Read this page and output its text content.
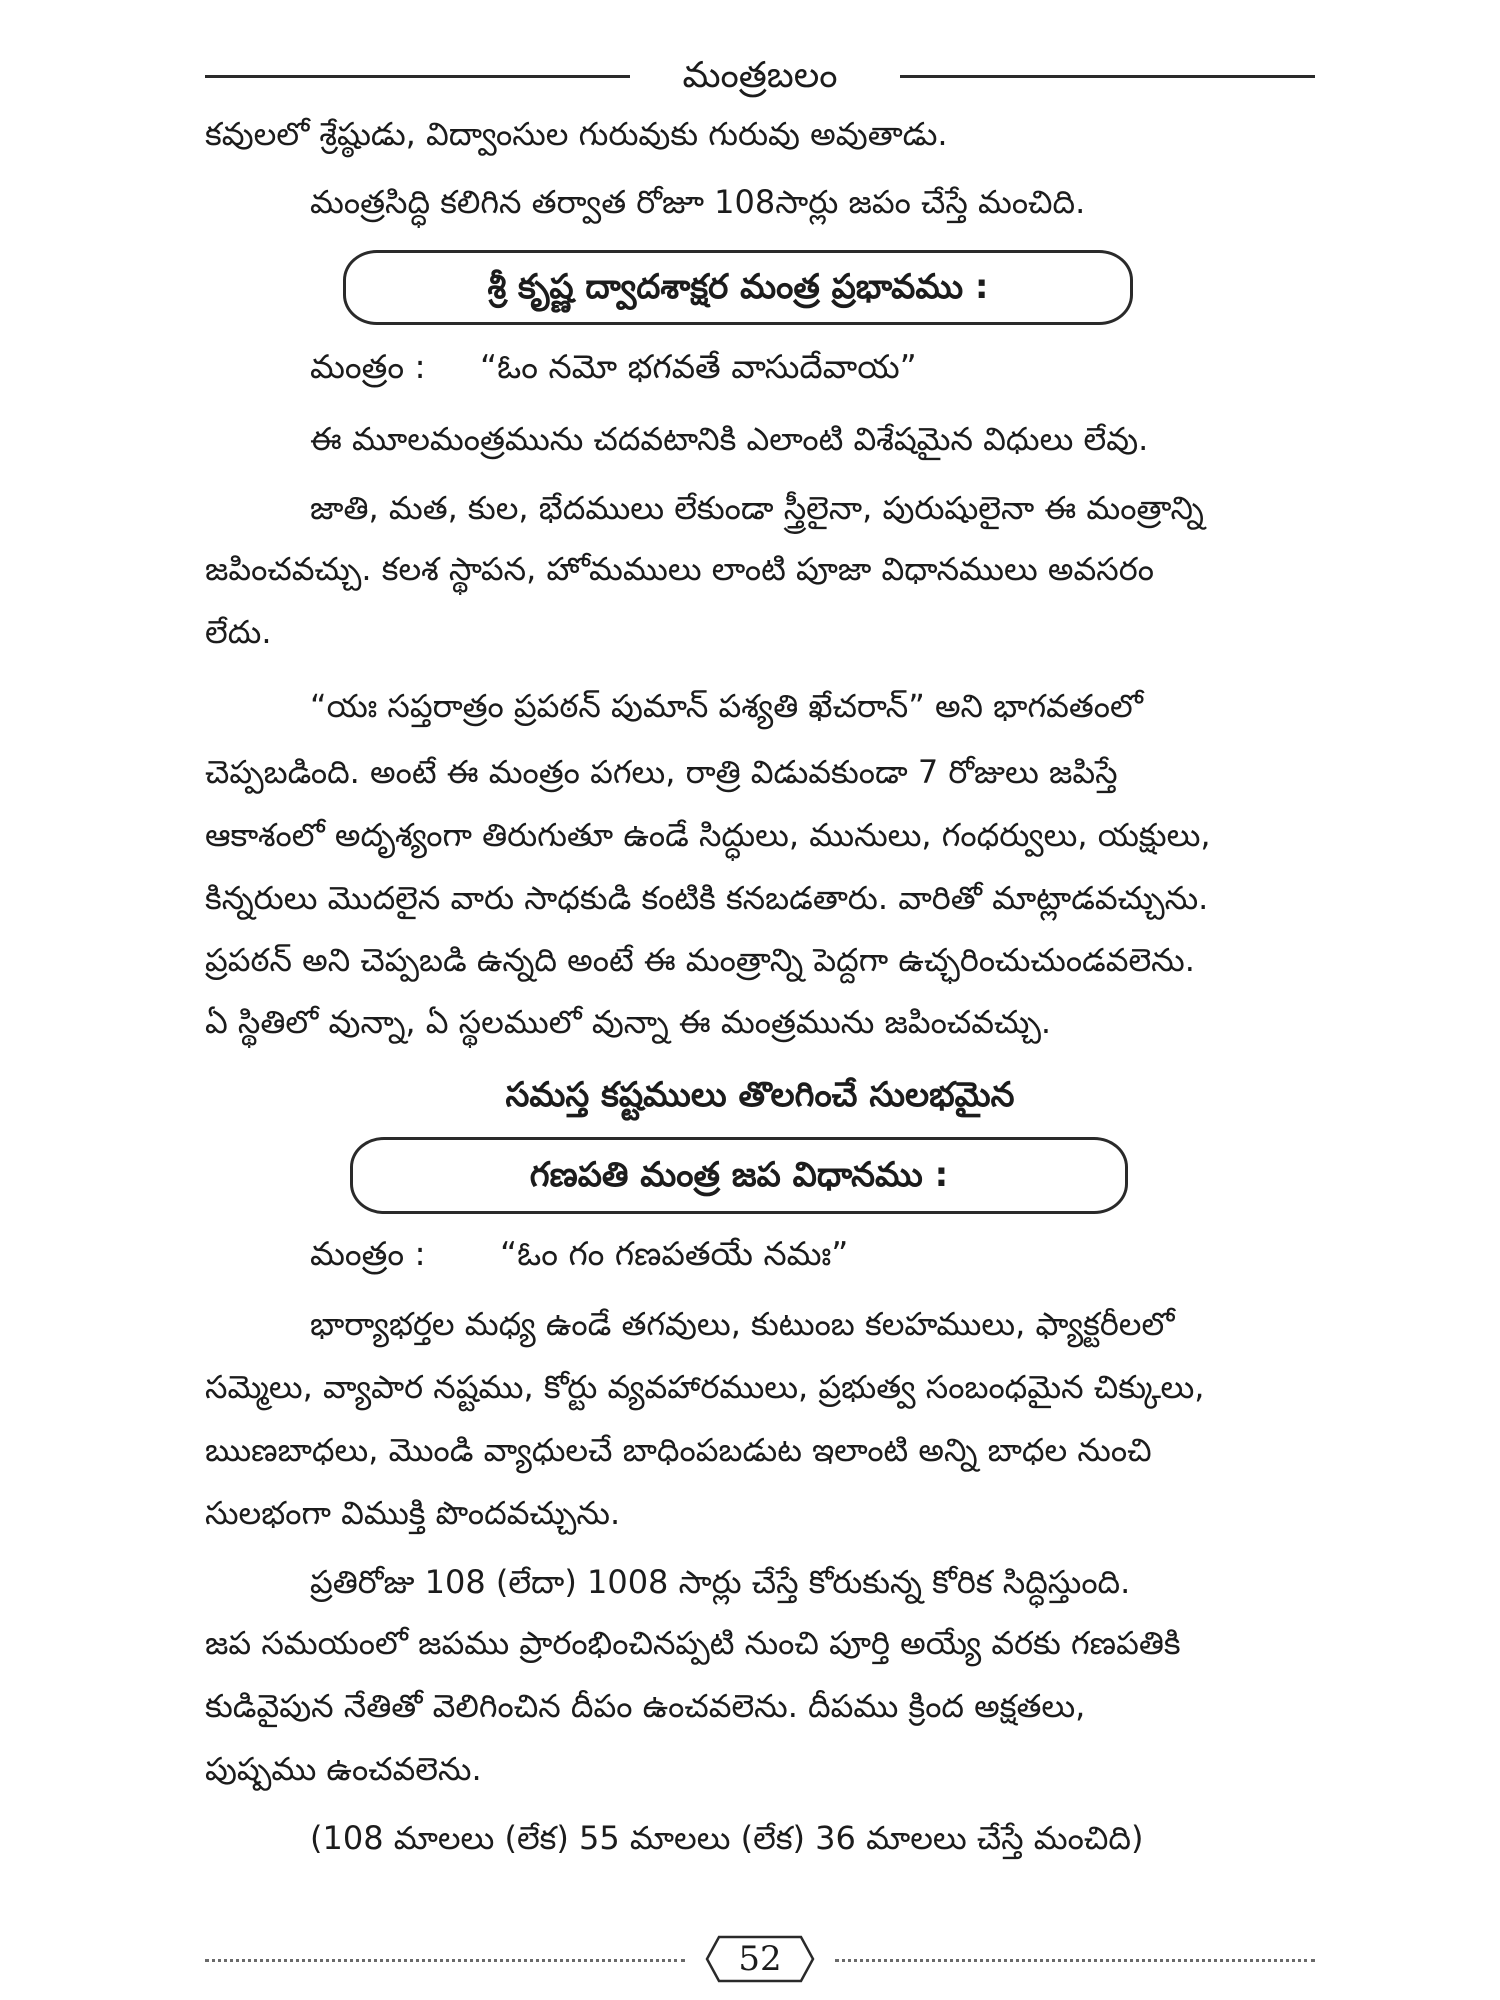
మంత్రబలం

కవులలో శ్రేష్ఠుడు, విద్వాంసుల గురువుకు గురువు అవుతాడు.

మంత్రసిద్ధి కలిగిన తర్వాత రోజూ 108సార్లు జపం చేస్తే మంచిది.

శ్రీ కృష్ణ ద్వాదశాక్షర మంత్ర ప్రభావము :
మంత్రం : “ఓం నమో భగవతే వాసుదేవాయ”

ఈ మూలమంత్రమును చదవటానికి ఎలాంటి విశేషమైన విధులు లేవు.

జాతి, మత, కుల, భేదములు లేకుండా స్త్రీలైనా, పురుషులైనా ఈ మంత్రాన్ని

జపించవచ్చు. కలశ స్థాపన, హోమములు లాంటి పూజా విధానములు అవసరం

లేదు.

“యః సప్తరాత్రం ప్రపఠన్ పుమాన్ పశ్యతి ఖేచరాన్” అని భాగవతంలో

చెప్పబడింది. అంటే ఈ మంత్రం పగలు, రాత్రి విడువకుండా 7 రోజులు జపిస్తే

ఆకాశంలో అదృశ్యంగా తిరుగుతూ ఉండే సిద్ధులు, మునులు, గంధర్వులు, యక్షులు,

కిన్నరులు మొదలైన వారు సాధకుడి కంటికి కనబడతారు. వారితో మాట్లాడవచ్చును.

ప్రపఠన్ అని చెప్పబడి ఉన్నది అంటే ఈ మంత్రాన్ని పెద్దగా ఉచ్ఛరించుచుండవలెను.

ఏ స్థితిలో వున్నా, ఏ స్థలములో వున్నా ఈ మంత్రమును జపించవచ్చు.

సమస్త కష్టములు తొలగించే సులభమైన
గణపతి మంత్ర జప విధానము :
మంత్రం : “ఓం గం గణపతయే నమః”

భార్యాభర్తల మధ్య ఉండే తగవులు, కుటుంబ కలహములు, ఫ్యాక్టరీలలో

సమ్మెలు, వ్యాపార నష్టము, కోర్టు వ్యవహారములు, ప్రభుత్వ సంబంధమైన చిక్కులు,

ఋణబాధలు, మొండి వ్యాధులచే బాధింపబడుట ఇలాంటి అన్ని బాధల నుంచి

సులభంగా విముక్తి పొందవచ్చును.

ప్రతిరోజు 108 (లేదా) 1008 సార్లు చేస్తే కోరుకున్న కోరిక సిద్ధిస్తుంది.

జప సమయంలో జపము ప్రారంభించినప్పటి నుంచి పూర్తి అయ్యే వరకు గణపతికి

కుడివైపున నేతితో వెలిగించిన దీపం ఉంచవలెను. దీపము క్రింద అక్షతలు,

పుష్పము ఉంచవలెను.

(108 మాలలు (లేక) 55 మాలలు (లేక) 36 మాలలు చేస్తే మంచిది)

52
